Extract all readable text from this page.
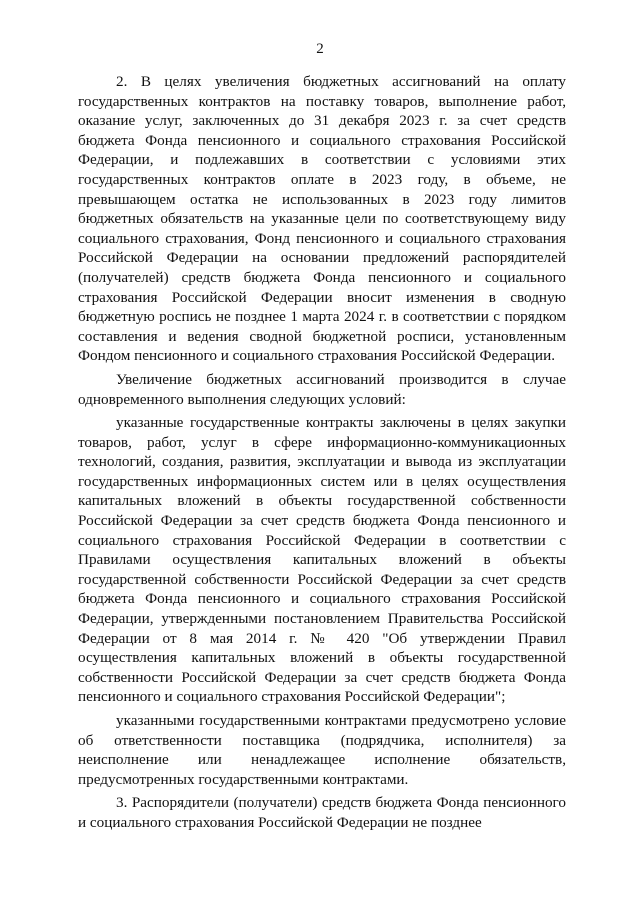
2

2. В целях увеличения бюджетных ассигнований на оплату государственных контрактов на поставку товаров, выполнение работ, оказание услуг, заключенных до 31 декабря 2023 г. за счет средств бюджета Фонда пенсионного и социального страхования Российской Федерации, и подлежавших в соответствии с условиями этих государственных контрактов оплате в 2023 году, в объеме, не превышающем остатка не использованных в 2023 году лимитов бюджетных обязательств на указанные цели по соответствующему виду социального страхования, Фонд пенсионного и социального страхования Российской Федерации на основании предложений распорядителей (получателей) средств бюджета Фонда пенсионного и социального страхования Российской Федерации вносит изменения в сводную бюджетную роспись не позднее 1 марта 2024 г. в соответствии с порядком составления и ведения сводной бюджетной росписи, установленным Фондом пенсионного и социального страхования Российской Федерации.

Увеличение бюджетных ассигнований производится в случае одновременного выполнения следующих условий:

указанные государственные контракты заключены в целях закупки товаров, работ, услуг в сфере информационно-коммуникационных технологий, создания, развития, эксплуатации и вывода из эксплуатации государственных информационных систем или в целях осуществления капитальных вложений в объекты государственной собственности Российской Федерации за счет средств бюджета Фонда пенсионного и социального страхования Российской Федерации в соответствии с Правилами осуществления капитальных вложений в объекты государственной собственности Российской Федерации за счет средств бюджета Фонда пенсионного и социального страхования Российской Федерации, утвержденными постановлением Правительства Российской Федерации от 8 мая 2014 г. № 420 "Об утверждении Правил осуществления капитальных вложений в объекты государственной собственности Российской Федерации за счет средств бюджета Фонда пенсионного и социального страхования Российской Федерации";

указанными государственными контрактами предусмотрено условие об ответственности поставщика (подрядчика, исполнителя) за неисполнение или ненадлежащее исполнение обязательств, предусмотренных государственными контрактами.

3. Распорядители (получатели) средств бюджета Фонда пенсионного и социального страхования Российской Федерации не позднее
